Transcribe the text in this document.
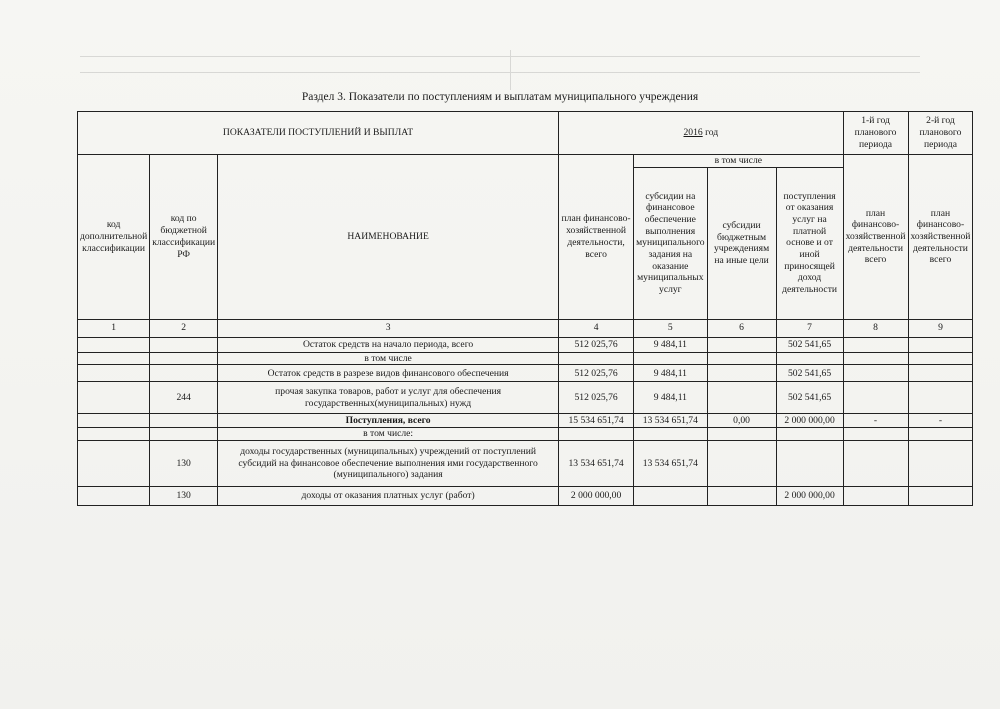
Раздел 3. Показатели по поступлениям и выплатам муниципального учреждения
ПОКАЗАТЕЛИ ПОСТУПЛЕНИЙ И ВЫПЛАТ			2016 год				1-й год планового периода	2-й год планового периода
код дополнительной классификации	код по бюджетной классификации РФ	НАИМЕНОВАНИЕ	план финансово-хозяйственной деятельности, всего	в том числе			план финансово-хозяйственной деятельности всего	план финансово-хозяйственной деятельности всего
				субсидии на финансовое обеспечение выполнения муниципального задания на оказание муниципальных услуг	субсидии бюджетным учреждениям на иные цели	поступления от оказания услуг на платной основе и от иной приносящей доход деятельности		
1	2	3	4	5	6	7	8	9
		Остаток средств на начало периода, всего	512 025,76	9 484,11		502 541,65		
		в том числе						
		Остаток средств в разрезе видов финансового обеспечения	512 025,76	9 484,11		502 541,65		
	244	прочая закупка товаров, работ и услуг для обеспечения государственных(муниципальных) нужд	512 025,76	9 484,11		502 541,65		
		Поступления, всего	15 534 651,74	13 534 651,74	0,00	2 000 000,00	-	-
		в том числе:						
	130	доходы государственных (муниципальных) учреждений от поступлений субсидий на финансовое обеспечение выполнения ими государственного (муниципального) задания	13 534 651,74	13 534 651,74				
	130	доходы от оказания платных услуг (работ)	2 000 000,00			2 000 000,00		
